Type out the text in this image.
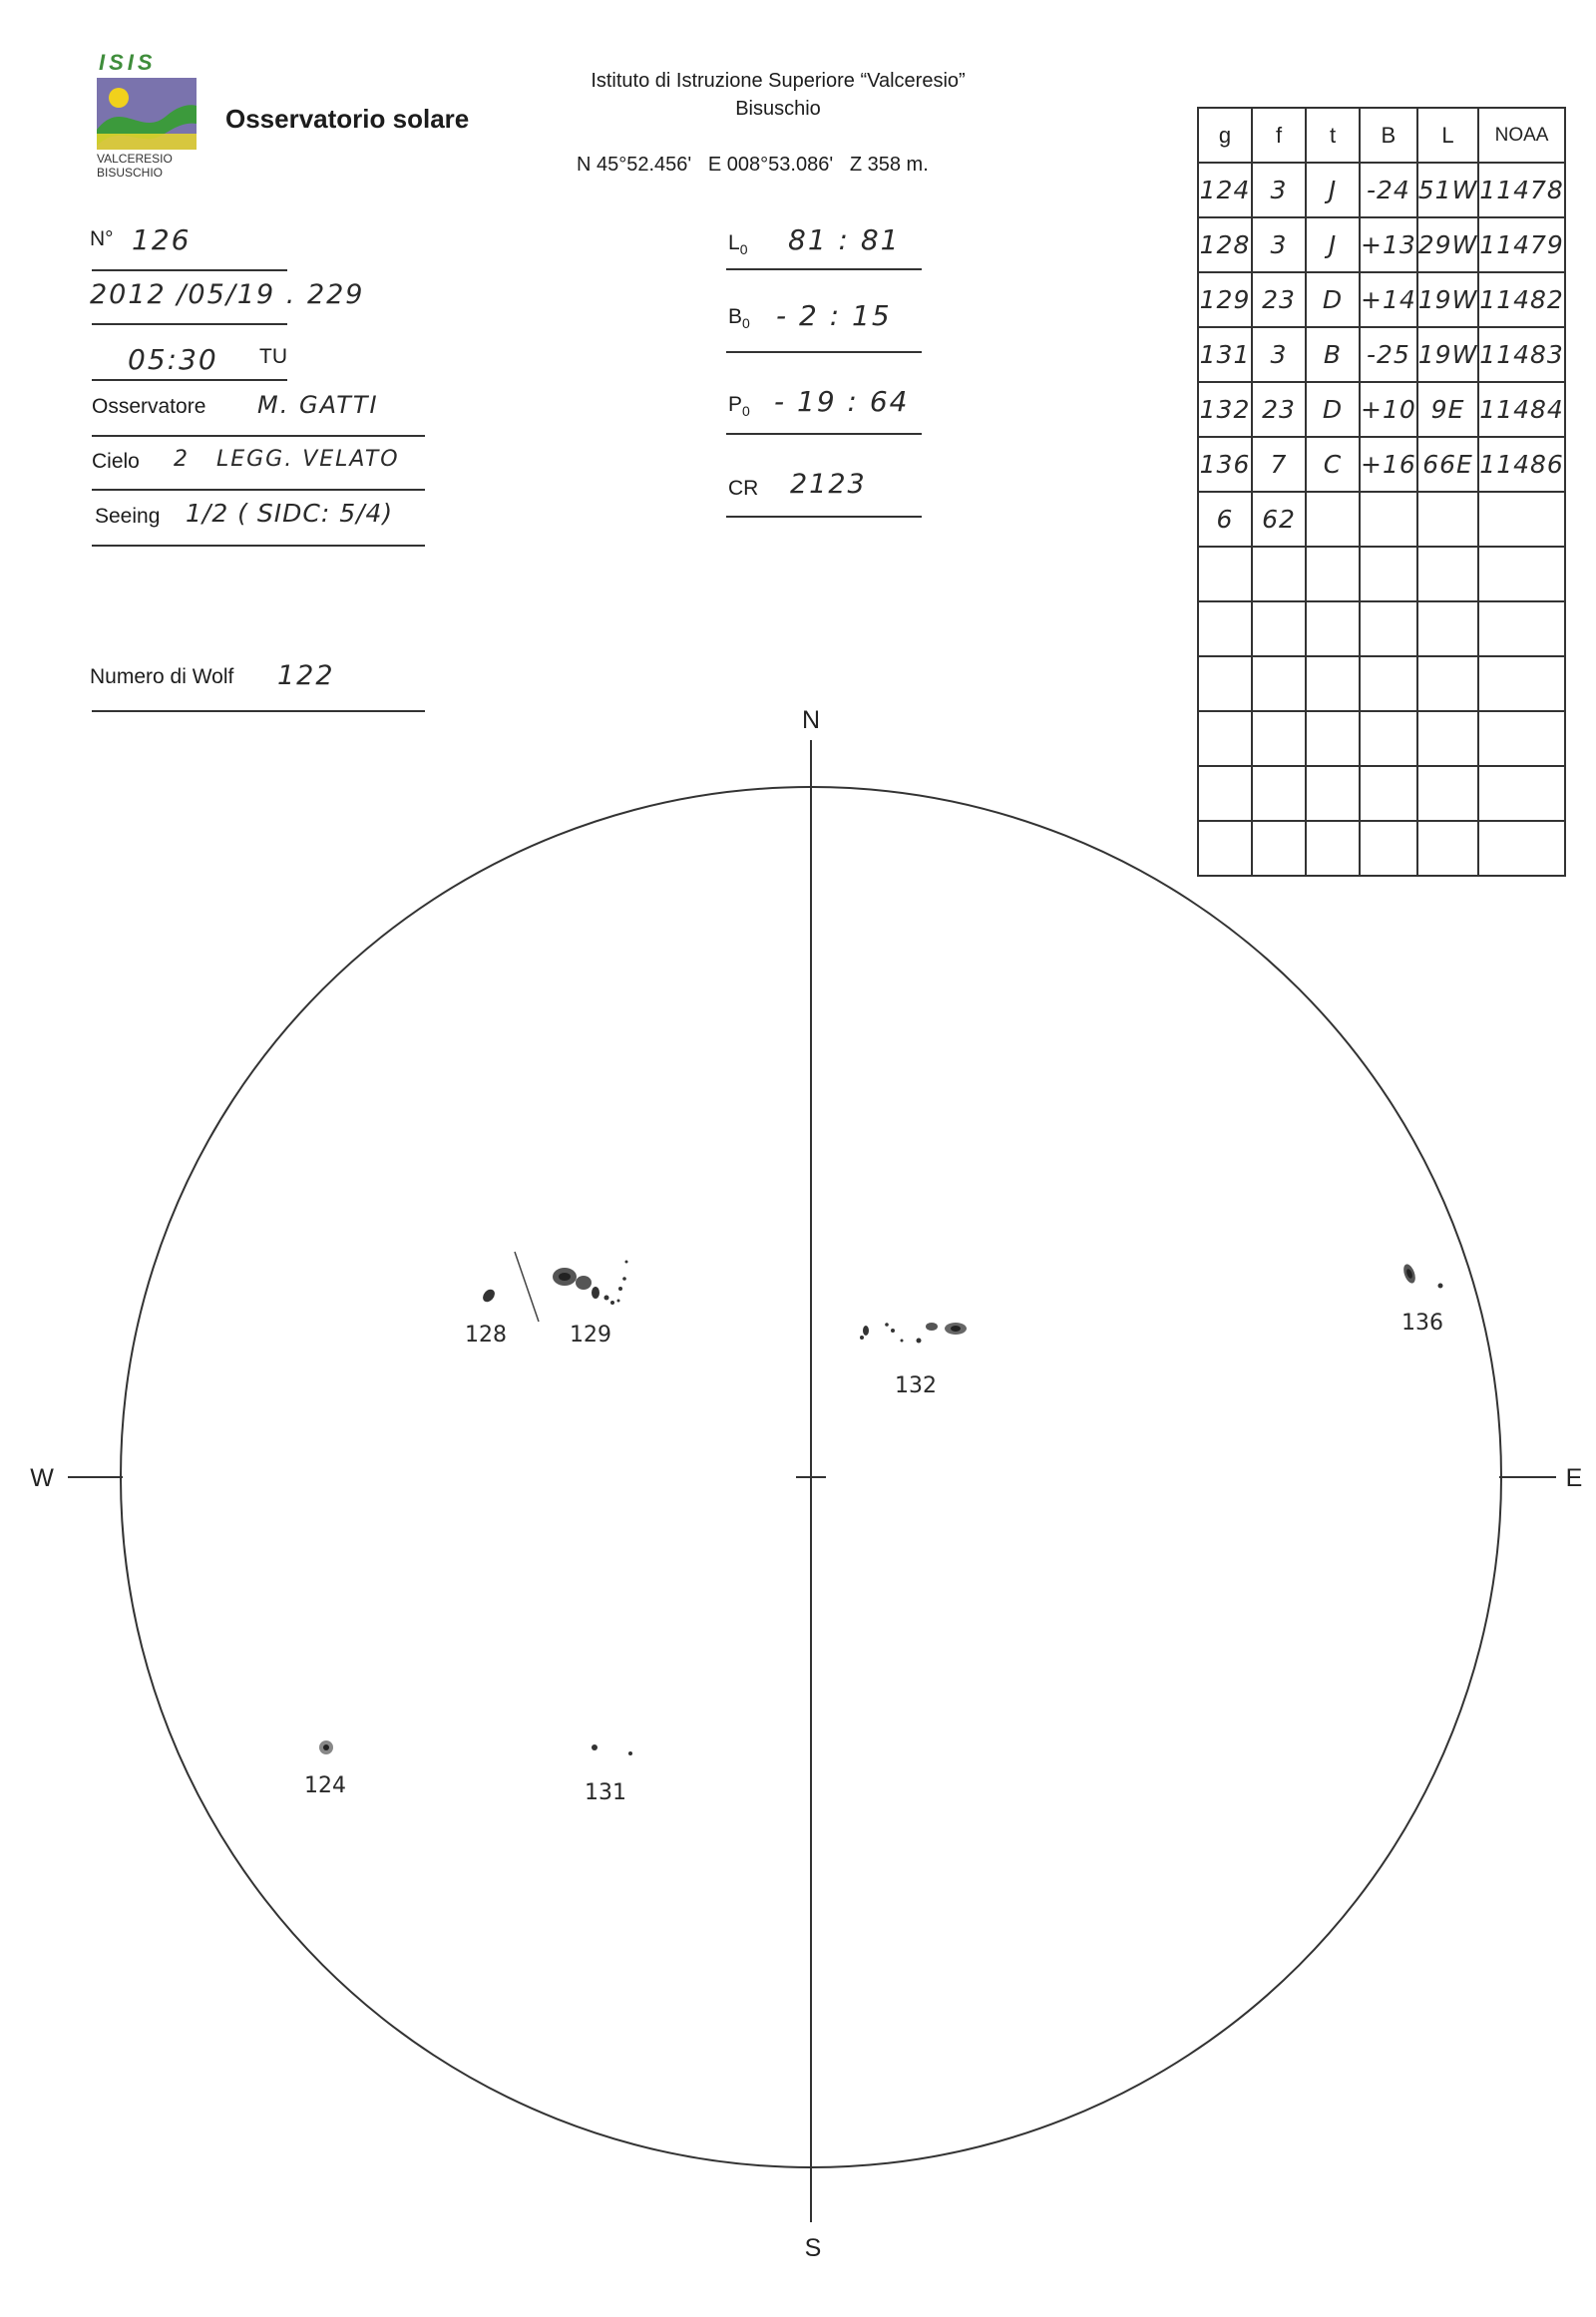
ISIS
VALCERESIO
BISUSCHIO
Osservatorio solare
Istituto di Istruzione Superiore “Valceresio”
Bisuschio
N 45°52.456'   E 008°53.086'   Z 358 m.
N° 126
2012 /05/19 . 229
05:30 TU
Osservatore M. GATTI
Cielo 2   LEGG. VELATO
Seeing 1/2 ( SIDC: 5/4)
Numero di Wolf 122
$L_0$ 81 : 81
$B_0 - 2$ : 15
$P_0 - 19$ : 64
CR 2123
g	f	t	B	L	NOAA
124	3	J	-24	51W	11478
128	3	J	+13	29W	11479
129	23	D	+14	19W	11482
131	3	B	-25	19W	11483
132	23	D	+10	9E	11484
136	7	C	+16	66E	11486
6	62				

N
S
W	E
128	129
132
136
124	131
